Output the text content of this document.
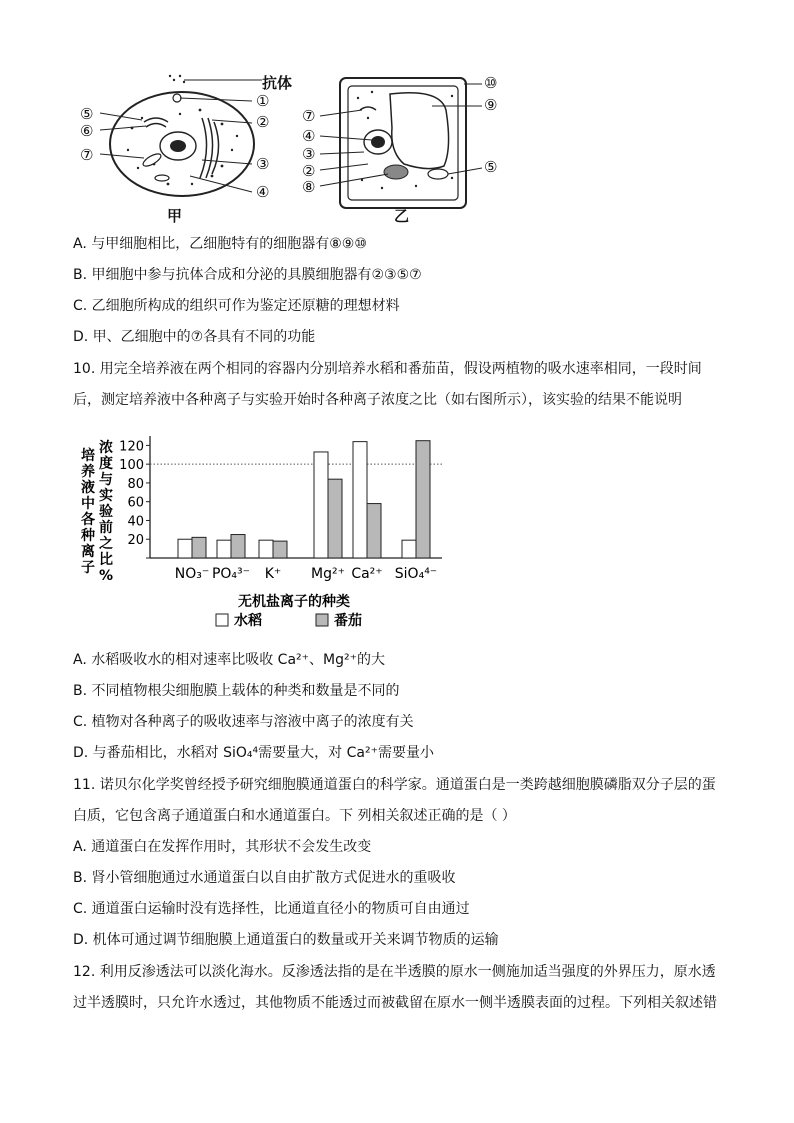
抗体
①
②
③
④
⑤
⑥
⑦
甲
⑦
④
③
②
⑧
⑩
⑨
⑤
乙
A. 与甲细胞相比，乙细胞特有的细胞器有⑧⑨⑩
B. 甲细胞中参与抗体合成和分泌的具膜细胞器有②③⑤⑦
C. 乙细胞所构成的组织可作为鉴定还原糖的理想材料
D. 甲、乙细胞中的⑦各具有不同的功能
10. 用完全培养液在两个相同的容器内分别培养水稻和番茄苗，假设两植物的吸水速率相同，一段时间
后，测定培养液中各种离子与实验开始时各种离子浓度之比（如右图所示），该实验的结果不能说明
培
养
液
中
各
种
离
子
浓
度
与
实
验
前
之
比
%
20
40
60
80
100
120
NO₃⁻ PO₄³⁻ K⁺ Mg²⁺ Ca²⁺ SiO₄⁴⁻
无机盐离子的种类
水稻	番茄
A. 水稻吸收水的相对速率比吸收 Ca²⁺、Mg²⁺的大
B. 不同植物根尖细胞膜上载体的种类和数量是不同的
C. 植物对各种离子的吸收速率与溶液中离子的浓度有关
D. 与番茄相比，水稻对 SiO₄⁴需要量大，对 Ca²⁺需要量小
11. 诺贝尔化学奖曾经授予研究细胞膜通道蛋白的科学家。通道蛋白是一类跨越细胞膜磷脂双分子层的蛋
白质，它包含离子通道蛋白和水通道蛋白。下 列相关叙述正确的是（ ）
A. 通道蛋白在发挥作用时，其形状不会发生改变
B. 肾小管细胞通过水通道蛋白以自由扩散方式促进水的重吸收
C. 通道蛋白运输时没有选择性，比通道直径小的物质可自由通过
D. 机体可通过调节细胞膜上通道蛋白的数量或开关来调节物质的运输
12. 利用反渗透法可以淡化海水。反渗透法指的是在半透膜的原水一侧施加适当强度的外界压力，原水透
过半透膜时，只允许水透过，其他物质不能透过而被截留在原水一侧半透膜表面的过程。下列相关叙述错
